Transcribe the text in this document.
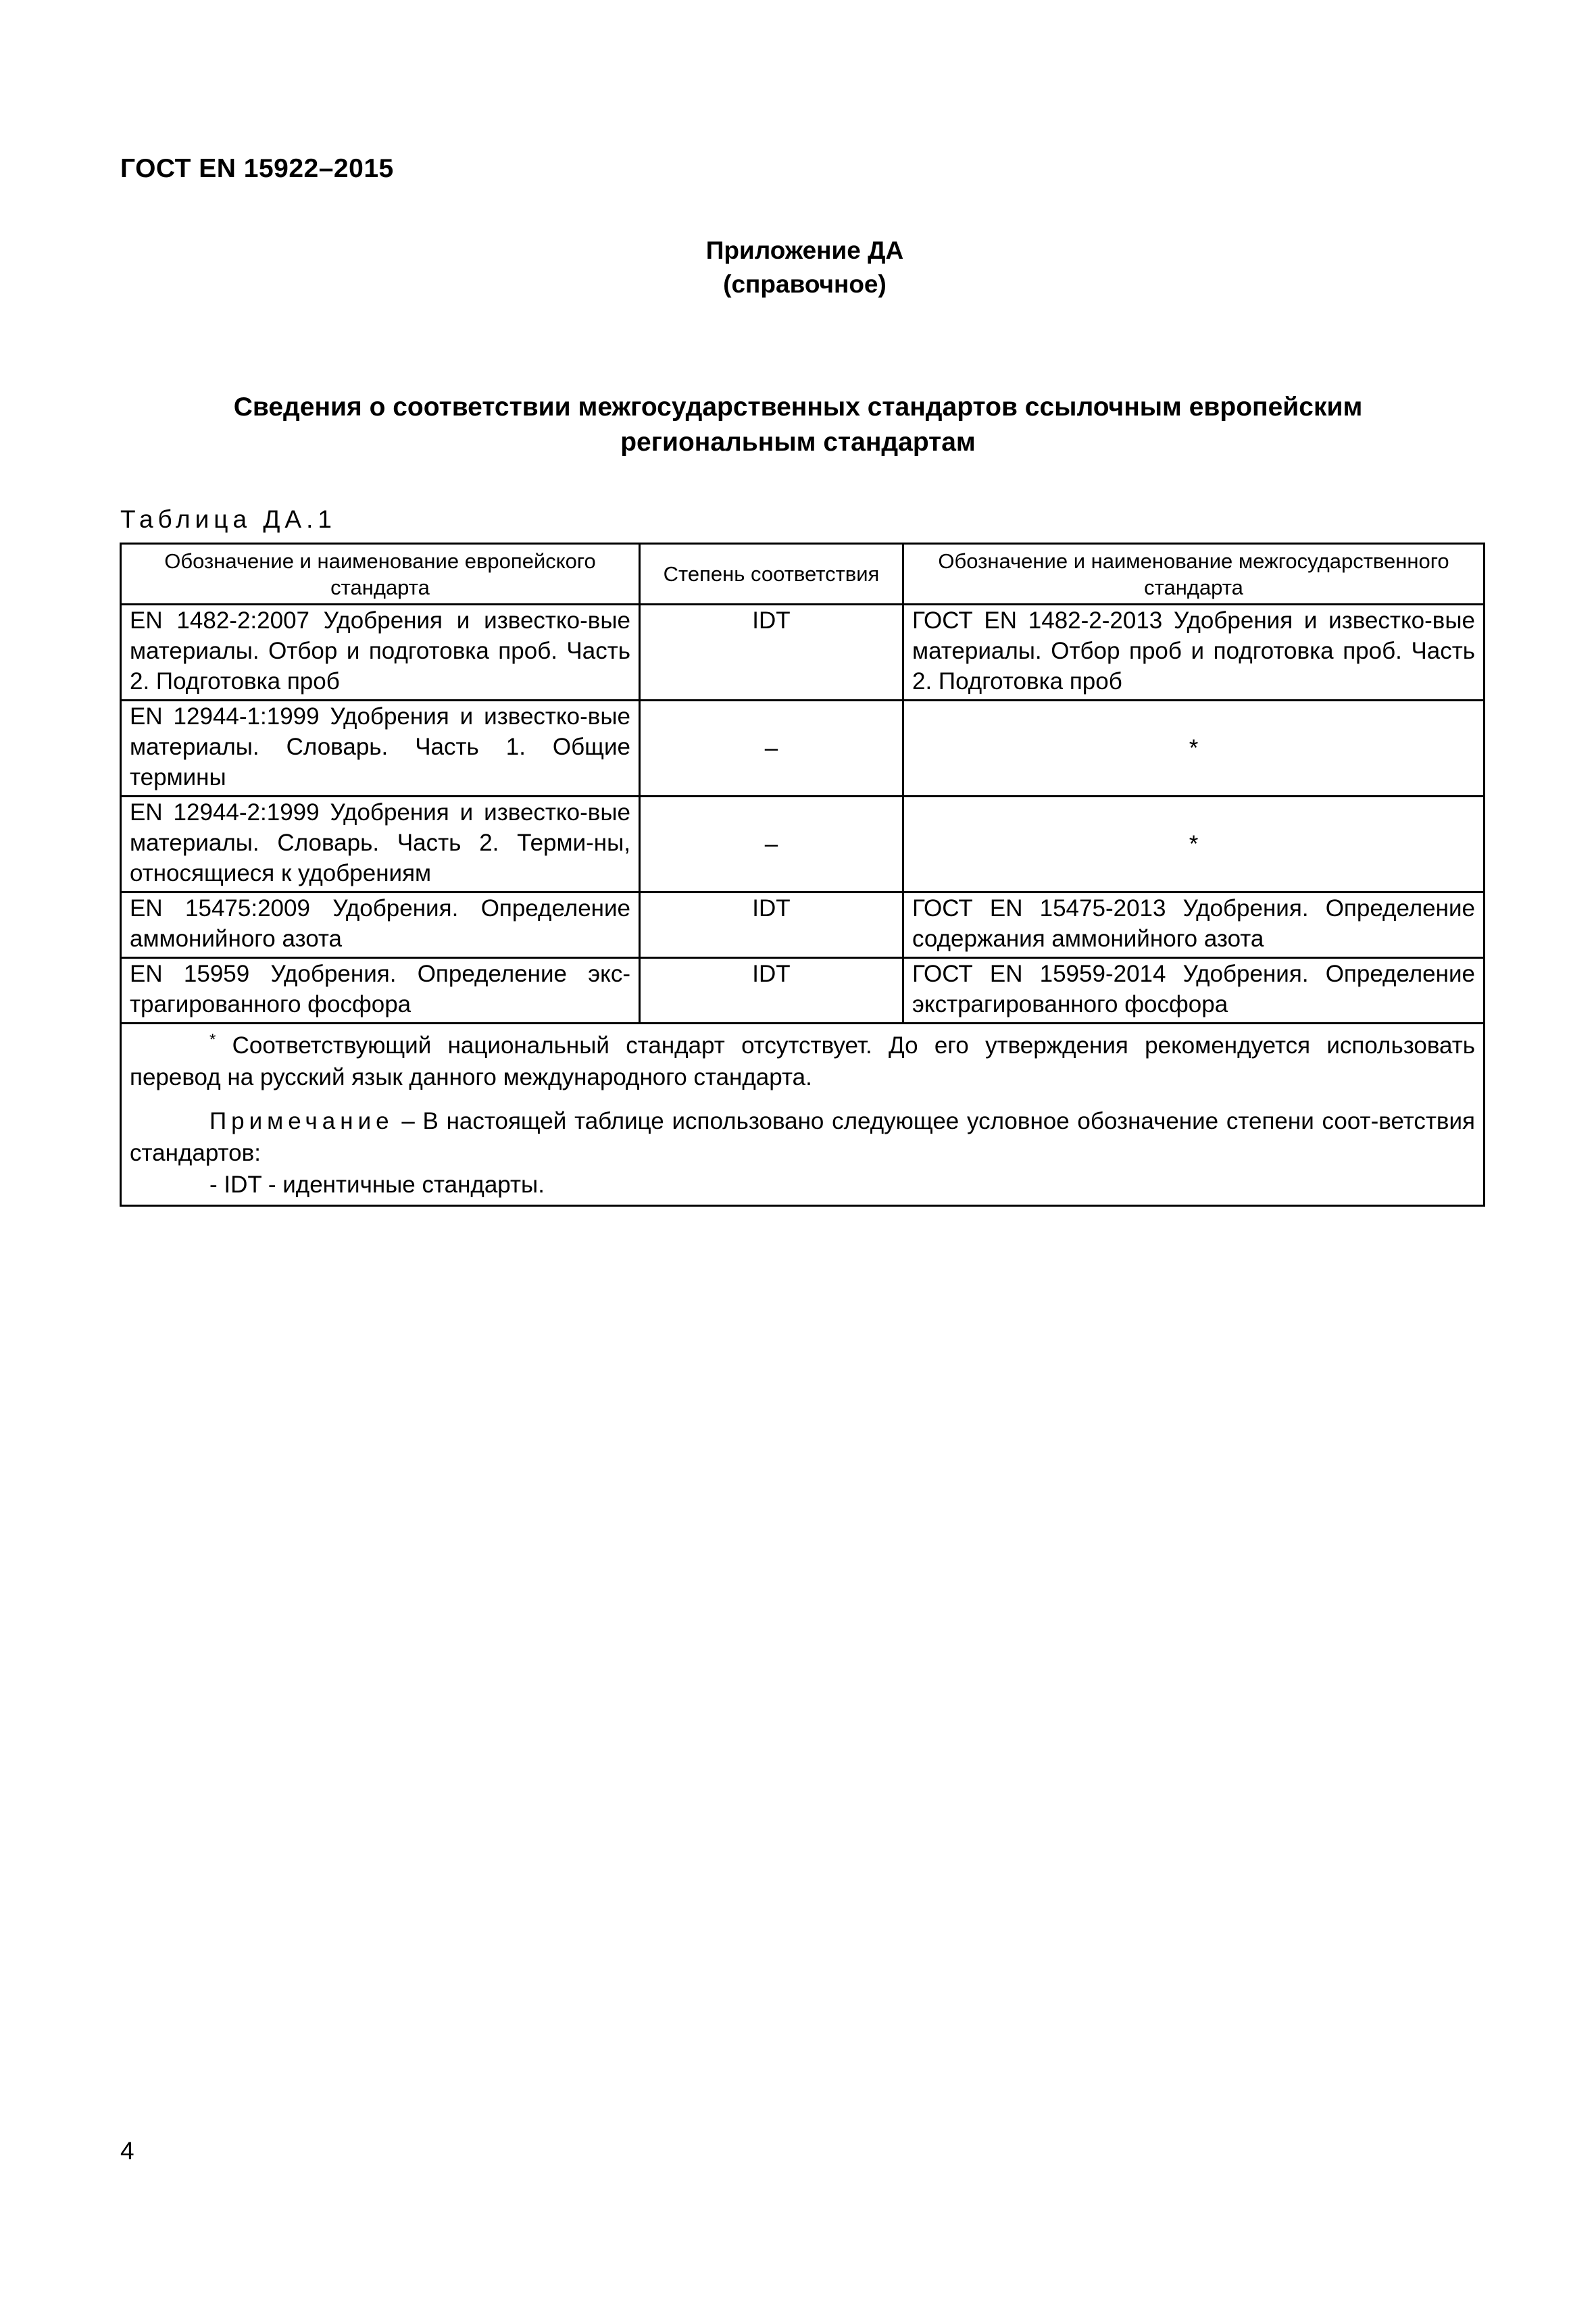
ГОСТ EN 15922–2015
Приложение ДА
(справочное)
Сведения о соответствии межгосударственных стандартов ссылочным европейским
региональным стандартам
Таблица ДА.1
Обозначение и наименование европейского стандарта	Степень соответствия	Обозначение и наименование межгосударственного стандарта
EN 1482-2:2007 Удобрения и известко-вые материалы. Отбор и подготовка проб. Часть 2. Подготовка проб	IDT	ГОСТ EN 1482-2-2013 Удобрения и известко-вые материалы. Отбор проб и подготовка проб. Часть 2. Подготовка проб
EN 12944-1:1999 Удобрения и известко-вые материалы. Словарь. Часть 1. Общие термины	–	*
EN 12944-2:1999 Удобрения и известко-вые материалы. Словарь. Часть 2. Терми-ны, относящиеся к удобрениям	–	*
EN 15475:2009 Удобрения. Определение аммонийного азота	IDT	ГОСТ EN 15475-2013 Удобрения. Определение содержания аммонийного азота
EN 15959 Удобрения. Определение экс-трагированного фосфора	IDT	ГОСТ EN 15959-2014 Удобрения. Определение экстрагированного фосфора

* Соответствующий национальный стандарт отсутствует. До его утверждения рекомендуется использовать перевод на русский язык данного международного стандарта.

Примечание – В настоящей таблице использовано следующее условное обозначение степени соот-ветствия стандартов:

- IDT - идентичные стандарты.		

4
